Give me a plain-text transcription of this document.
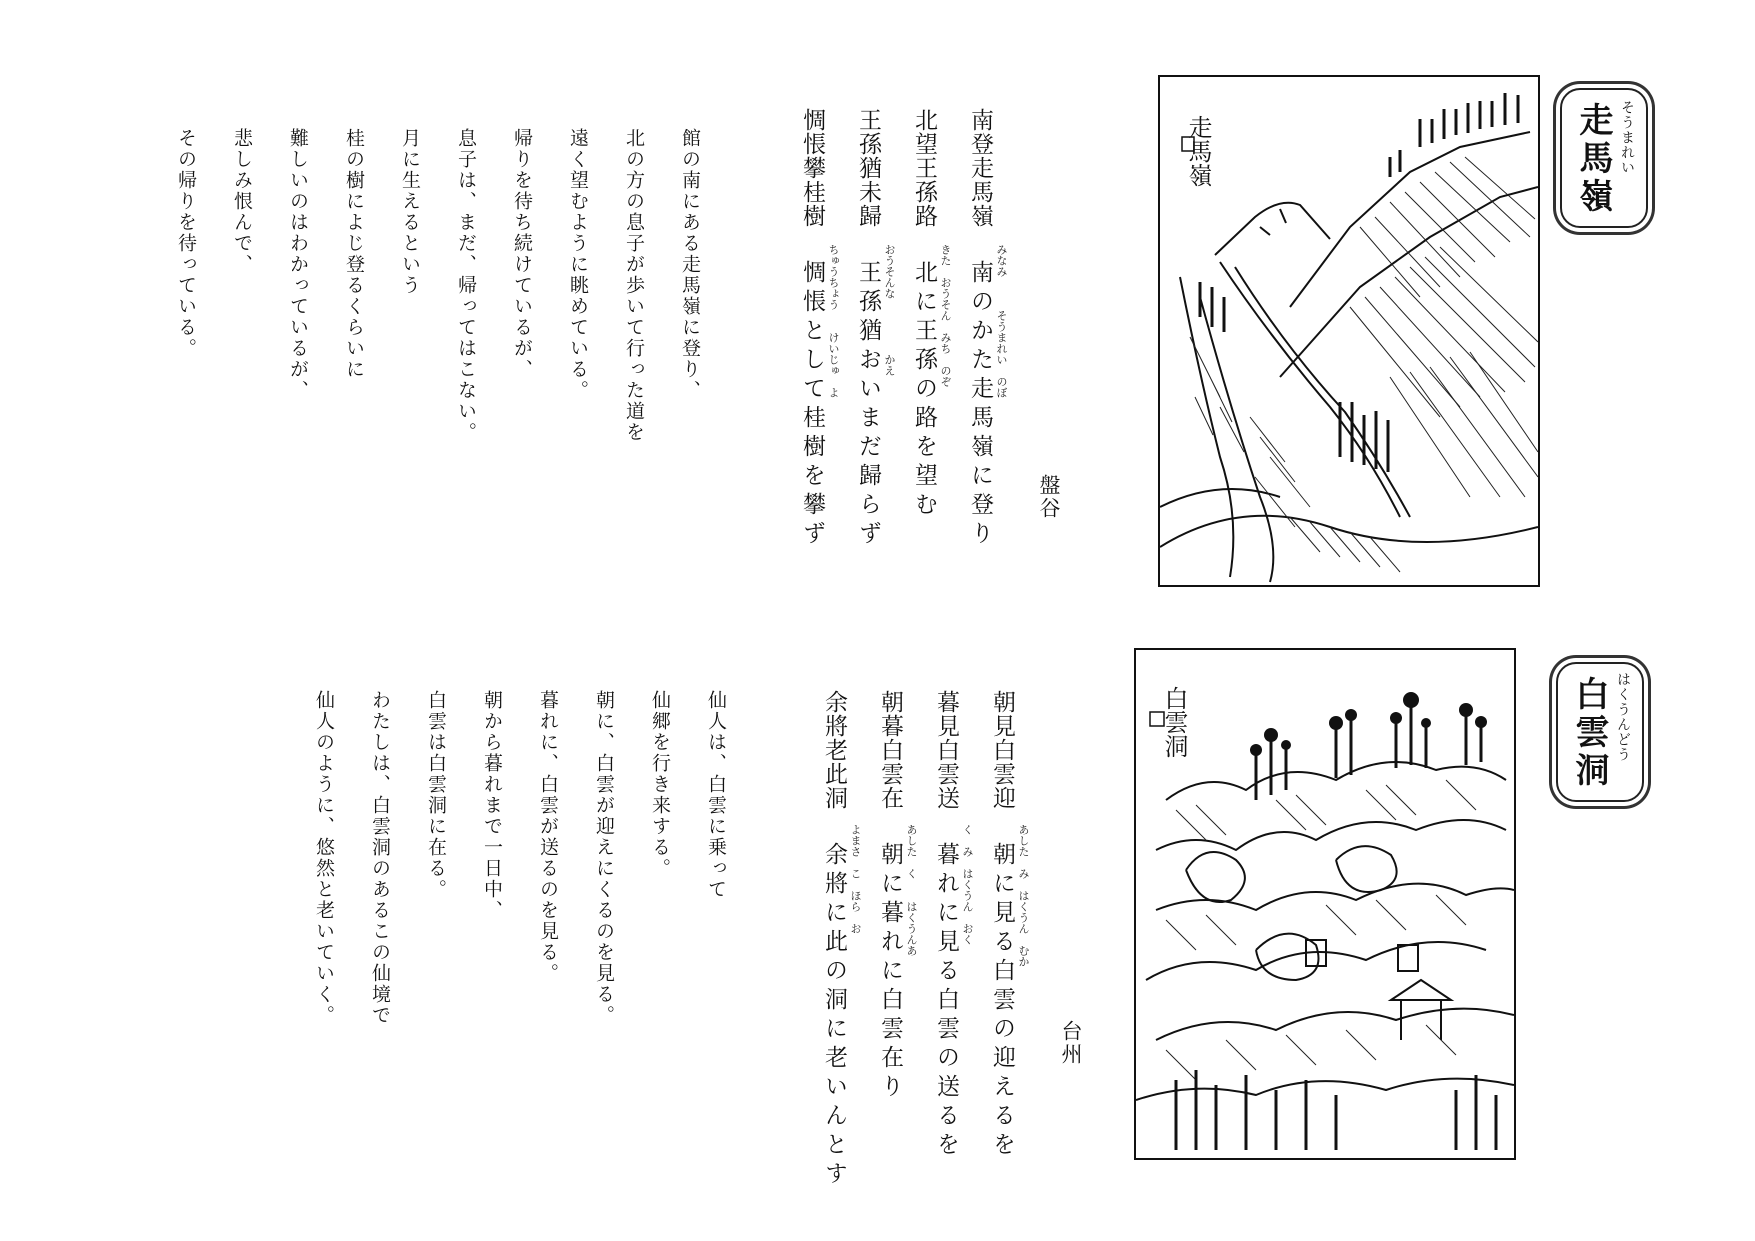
走馬嶺 そうまれい
走馬嶺
盤谷
南のかた走馬嶺に登り みなみ　　　そうまれい　のぼ
北に王孫の路を望む きた　おうそん　みち　のぞ
王孫猶おいまだ歸らず おうそんな　　　　　かえ
惆悵として桂樹を攀ず ちゅうちょう　　けいじゅ　よ
南登走馬嶺
北望王孫路
王孫猶未歸
惆悵攀桂樹
館の南にある走馬嶺に登り、
北の方の息子が歩いて行った道を
遠く望むように眺めている。
帰りを待ち続けているが、
息子は、まだ、帰ってはこない。
月に生えるという
桂の樹によじ登るくらいに
難しいのはわかっているが、
悲しみ恨んで、
その帰りを待っている。
白雲洞 はくうんどう
白雲洞
台州
朝見白雲迎
暮見白雲送
朝暮白雲在
余將老此洞
朝に見る白雲の迎えるを あした　み　はくうん　むか
暮れに見る白雲の送るを く　み　はくうん　おく
朝に暮れに白雲在り あした　く　　はくうんあ
余將に此の洞に老いんとす よまさ　こ　ほら　お
仙人は、白雲に乗って
仙郷を行き来する。
朝に、白雲が迎えにくるのを見る。
暮れに、白雲が送るのを見る。
朝から暮れまで一日中、
白雲は白雲洞に在る。
わたしは、白雲洞のあるこの仙境で
仙人のように、悠然と老いていく。
